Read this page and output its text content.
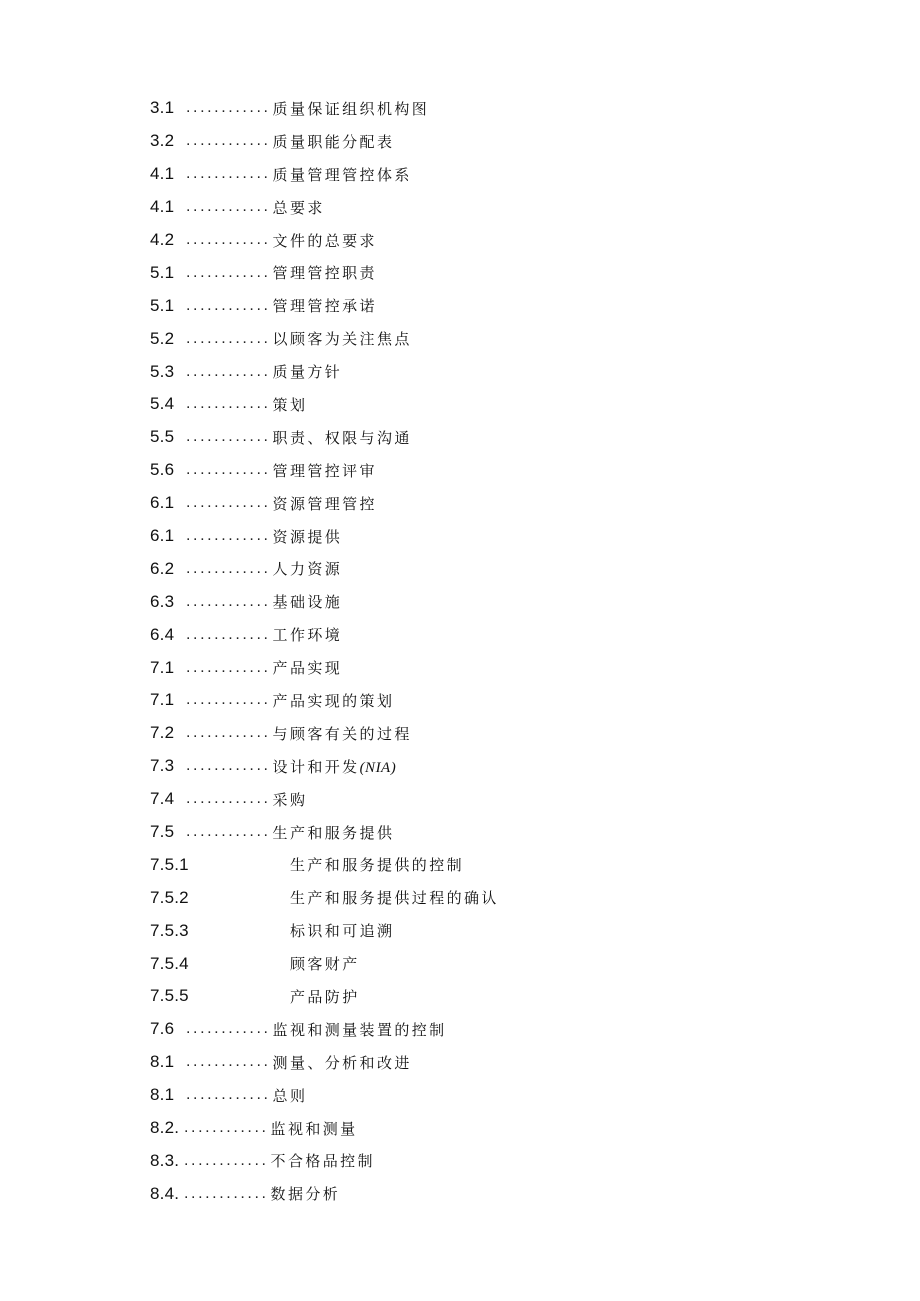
3.1 ............ 质量保证组织机构图
3.2 ............ 质量职能分配表
4.1 ............ 质量管理管控体系
4.1 ............ 总要求
4.2 ............ 文件的总要求
5.1 ............ 管理管控职责
5.1 ............ 管理管控承诺
5.2 ............ 以顾客为关注焦点
5.3 ............ 质量方针
5.4 ............ 策划
5.5 ............ 职责、权限与沟通
5.6 ............ 管理管控评审
6.1 ............ 资源管理管控
6.1 ............ 资源提供
6.2 ............ 人力资源
6.3 ............ 基础设施
6.4 ............ 工作环境
7.1 ............ 产品实现
7.1 ............ 产品实现的策划
7.2 ............ 与顾客有关的过程
7.3 ............ 设计和开发(NIA)
7.4 ............ 采购
7.5 ............ 生产和服务提供
7.5.1	生产和服务提供的控制
7.5.2	生产和服务提供过程的确认
7.5.3	标识和可追溯
7.5.4	顾客财产
7.5.5	产品防护
7.6 ............ 监视和测量装置的控制
8.1 ............ 测量、分析和改进
8.1 ............ 总则
8.2. ............ 监视和测量
8.3. ............ 不合格品控制
8.4. ............ 数据分析
